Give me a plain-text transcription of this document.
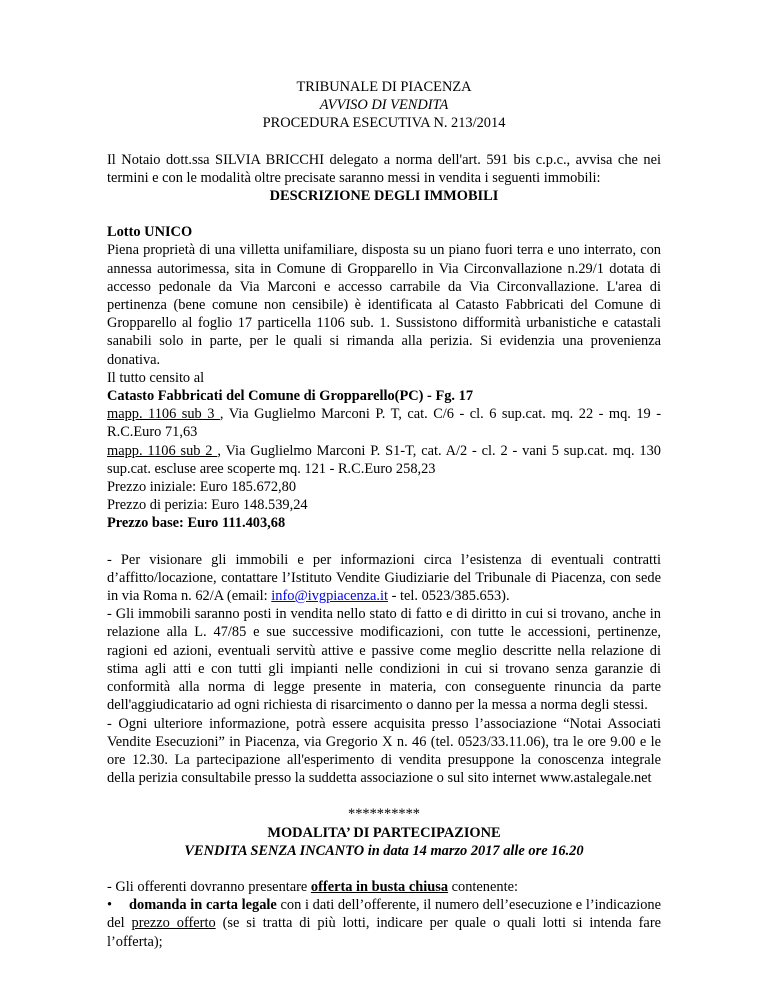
TRIBUNALE DI PIACENZA

AVVISO DI VENDITA

PROCEDURA ESECUTIVA N. 213/2014

Il Notaio dott.ssa SILVIA BRICCHI delegato a norma dell'art. 591 bis c.p.c., avvisa che nei termini e con le modalità oltre precisate saranno messi in vendita i seguenti immobili:

DESCRIZIONE DEGLI IMMOBILI

Lotto UNICO

Piena proprietà di una villetta unifamiliare, disposta su un piano fuori terra e uno interrato, con annessa autorimessa, sita in Comune di Gropparello in Via Circonvallazione n.29/1 dotata di accesso pedonale da Via Marconi e accesso carrabile da Via Circonvallazione. L'area di pertinenza (bene comune non censibile) è identificata al Catasto Fabbricati del Comune di Gropparello al foglio 17 particella 1106 sub. 1. Sussistono difformità urbanistiche e catastali sanabili solo in parte, per le quali si rimanda alla perizia. Si evidenzia una provenienza donativa.

Il tutto censito al

Catasto Fabbricati del Comune di Gropparello(PC) - Fg. 17

mapp. 1106 sub 3 , Via Guglielmo Marconi P. T, cat. C/6 - cl. 6 sup.cat. mq. 22 - mq. 19 - R.C.Euro 71,63

mapp. 1106 sub 2 , Via Guglielmo Marconi P. S1-T, cat. A/2 - cl. 2 - vani 5 sup.cat. mq. 130 sup.cat. escluse aree scoperte mq. 121 - R.C.Euro 258,23

Prezzo iniziale: Euro 185.672,80

Prezzo di perizia: Euro 148.539,24

Prezzo base: Euro 111.403,68

- Per visionare gli immobili e per informazioni circa l’esistenza di eventuali contratti d’affitto/locazione, contattare l’Istituto Vendite Giudiziarie del Tribunale di Piacenza, con sede in via Roma n. 62/A (email: info@ivgpiacenza.it - tel. 0523/385.653).

- Gli immobili saranno posti in vendita nello stato di fatto e di diritto in cui si trovano, anche in relazione alla L. 47/85 e sue successive modificazioni, con tutte le accessioni, pertinenze, ragioni ed azioni, eventuali servitù attive e passive come meglio descritte nella relazione di stima agli atti e con tutti gli impianti nelle condizioni in cui si trovano senza garanzie di conformità alla norma di legge presente in materia, con conseguente rinuncia da parte dell'aggiudicatario ad ogni richiesta di risarcimento o danno per la messa a norma degli stessi.

- Ogni ulteriore informazione, potrà essere acquisita presso l’associazione “Notai Associati Vendite Esecuzioni” in Piacenza, via Gregorio X n. 46 (tel. 0523/33.11.06), tra le ore 9.00 e le ore 12.30. La partecipazione all'esperimento di vendita presuppone la conoscenza integrale della perizia consultabile presso la suddetta associazione o sul sito internet www.astalegale.net

**********

MODALITA’ DI PARTECIPAZIONE

VENDITA SENZA INCANTO in data 14 marzo 2017 alle ore 16.20

- Gli offerenti dovranno presentare offerta in busta chiusa contenente:

• domanda in carta legale con i dati dell’offerente, il numero dell’esecuzione e l’indicazione del prezzo offerto (se si tratta di più lotti, indicare per quale o quali lotti si intenda fare l’offerta);
